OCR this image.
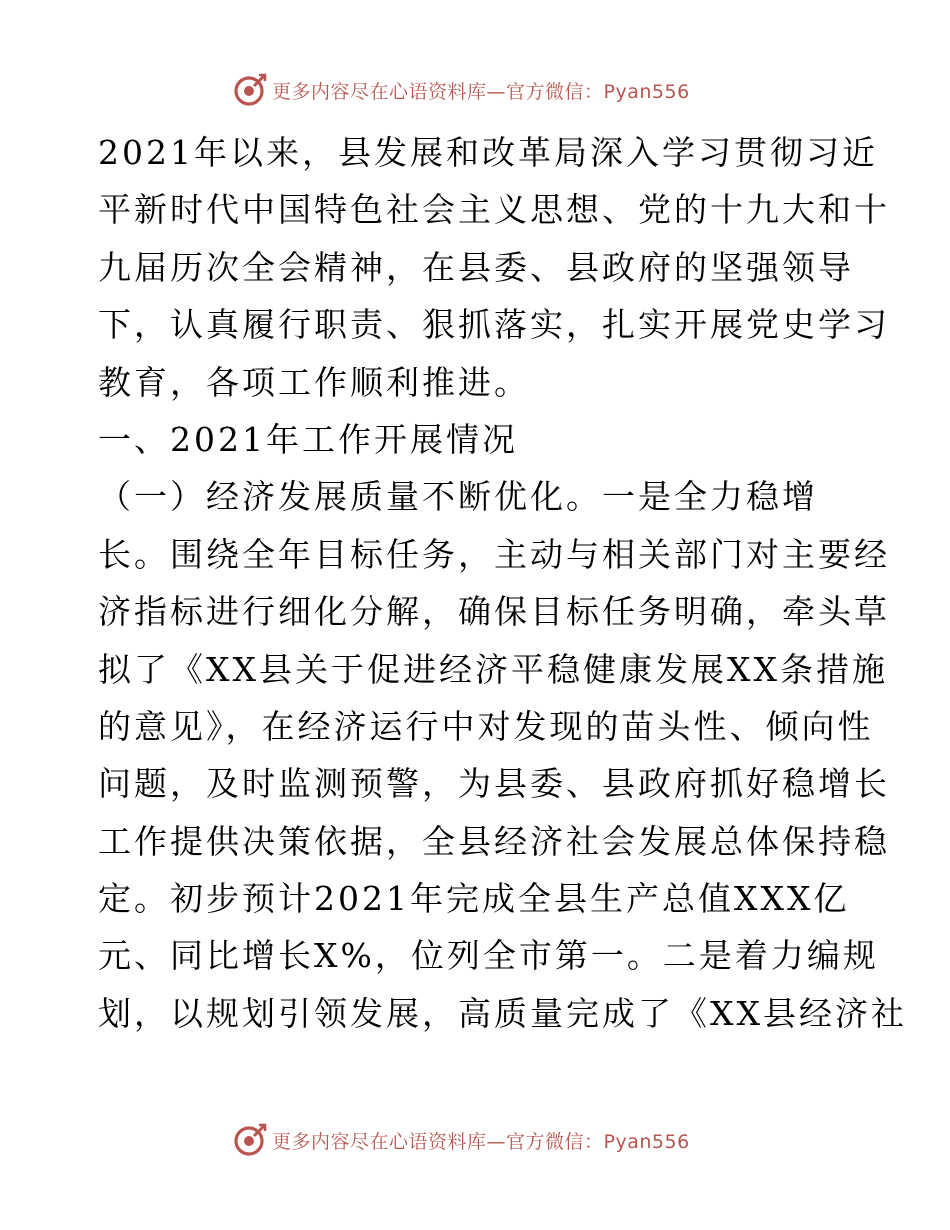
更多内容尽在心语资料库—官方微信：Pyan556
2021年以来，县发展和改革局深入学习贯彻习近
平新时代中国特色社会主义思想、党的十九大和十
九届历次全会精神，在县委、县政府的坚强领导
下，认真履行职责、狠抓落实，扎实开展党史学习
教育，各项工作顺利推进。
一、2021年工作开展情况
（一）经济发展质量不断优化。一是全力稳增
长。围绕全年目标任务，主动与相关部门对主要经
济指标进行细化分解，确保目标任务明确，牵头草
拟了《XX县关于促进经济平稳健康发展XX条措施
的意见》，在经济运行中对发现的苗头性、倾向性
问题，及时监测预警，为县委、县政府抓好稳增长
工作提供决策依据，全县经济社会发展总体保持稳
定。初步预计2021年完成全县生产总值XXX亿
元、同比增长X%，位列全市第一。二是着力编规
划，以规划引领发展，高质量完成了《XX县经济社
更多内容尽在心语资料库—官方微信：Pyan556
